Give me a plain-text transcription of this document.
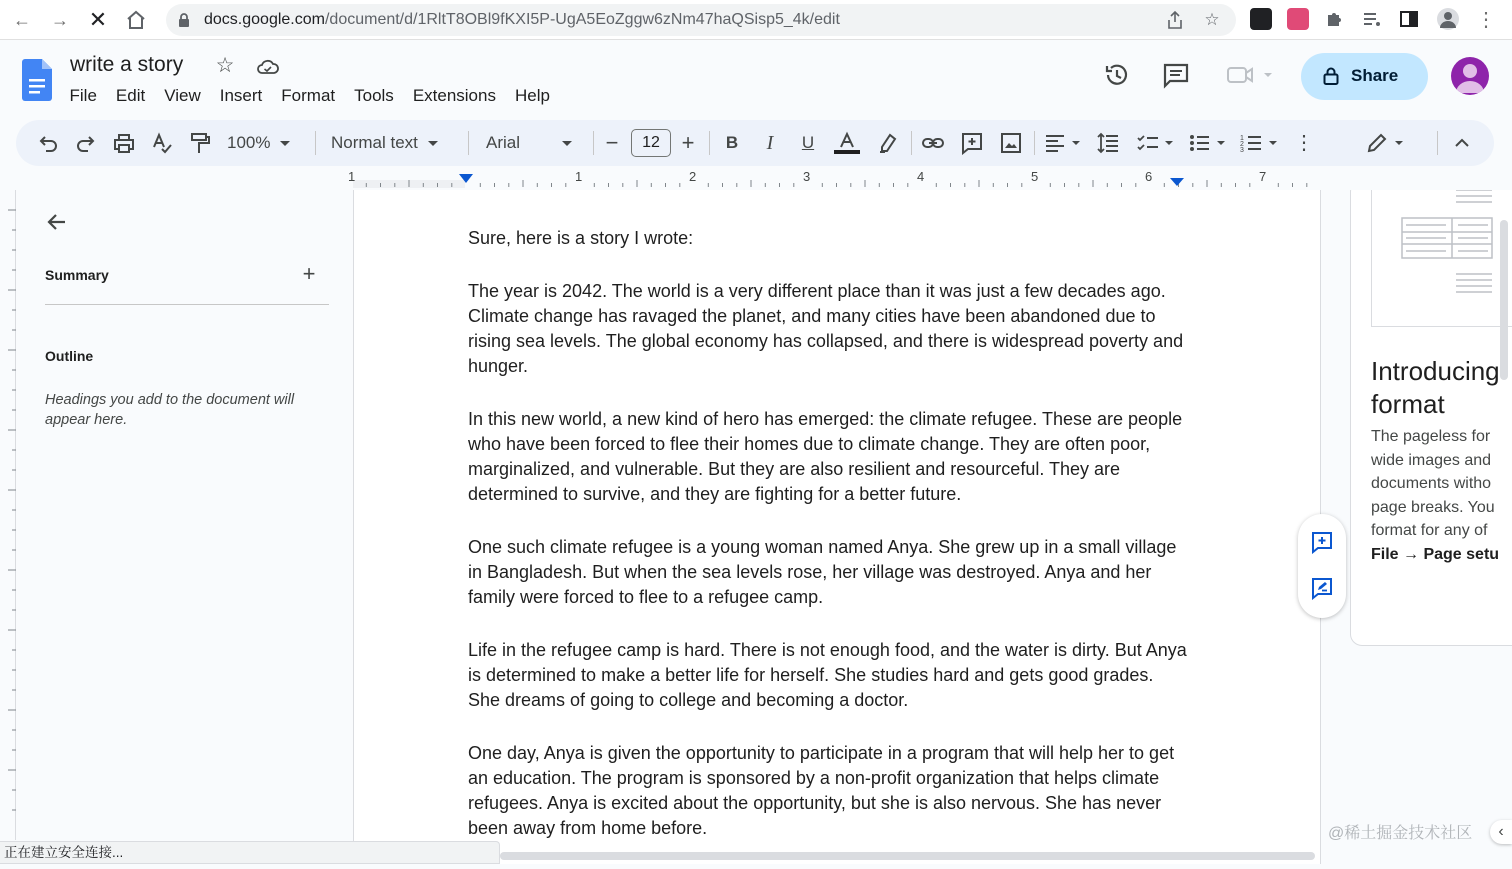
← → ✕	docs.google.com/document/d/1RltT8OBl9fKXI5P-UgA5EoZggw6zNm47haQSisp5_4k/edit	☆	⋮
write a story ☆
File	Edit	View	Insert	Format	Tools	Extensions	Help
Share
100%	Normal text	Arial	−	12 +	B	I	U	1
2
3	⋮
1	1	2	3	4	5	6	7
Summary	+
Outline
Headings you add to the document will appear here.

Sure, here is a story I wrote:

The year is 2042. The world is a very different place than it was just a few decades ago. Climate change has ravaged the planet, and many cities have been abandoned due to rising sea levels. The global economy has collapsed, and there is widespread poverty and hunger.

In this new world, a new kind of hero has emerged: the climate refugee. These are people who have been forced to flee their homes due to climate change. They are often poor, marginalized, and vulnerable. But they are also resilient and resourceful. They are determined to survive, and they are fighting for a better future.

One such climate refugee is a young woman named Anya. She grew up in a small village in Bangladesh. But when the sea levels rose, her village was destroyed. Anya and her family were forced to flee to a refugee camp.

Life in the refugee camp is hard. There is not enough food, and the water is dirty. But Anya is determined to make a better life for herself. She studies hard and gets good grades. She dreams of going to college and becoming a doctor.

One day, Anya is given the opportunity to participate in a program that will help her to get an education. The program is sponsored by a non-profit organization that helps climate refugees. Anya is excited about the opportunity, but she is also nervous. She has never been away from home before.

Introducing
format
The pageless for
wide images and
documents witho
page breaks. You
format for any of
File → Page setu
@稀土掘金技术社区	‹
正在建立安全连接...
